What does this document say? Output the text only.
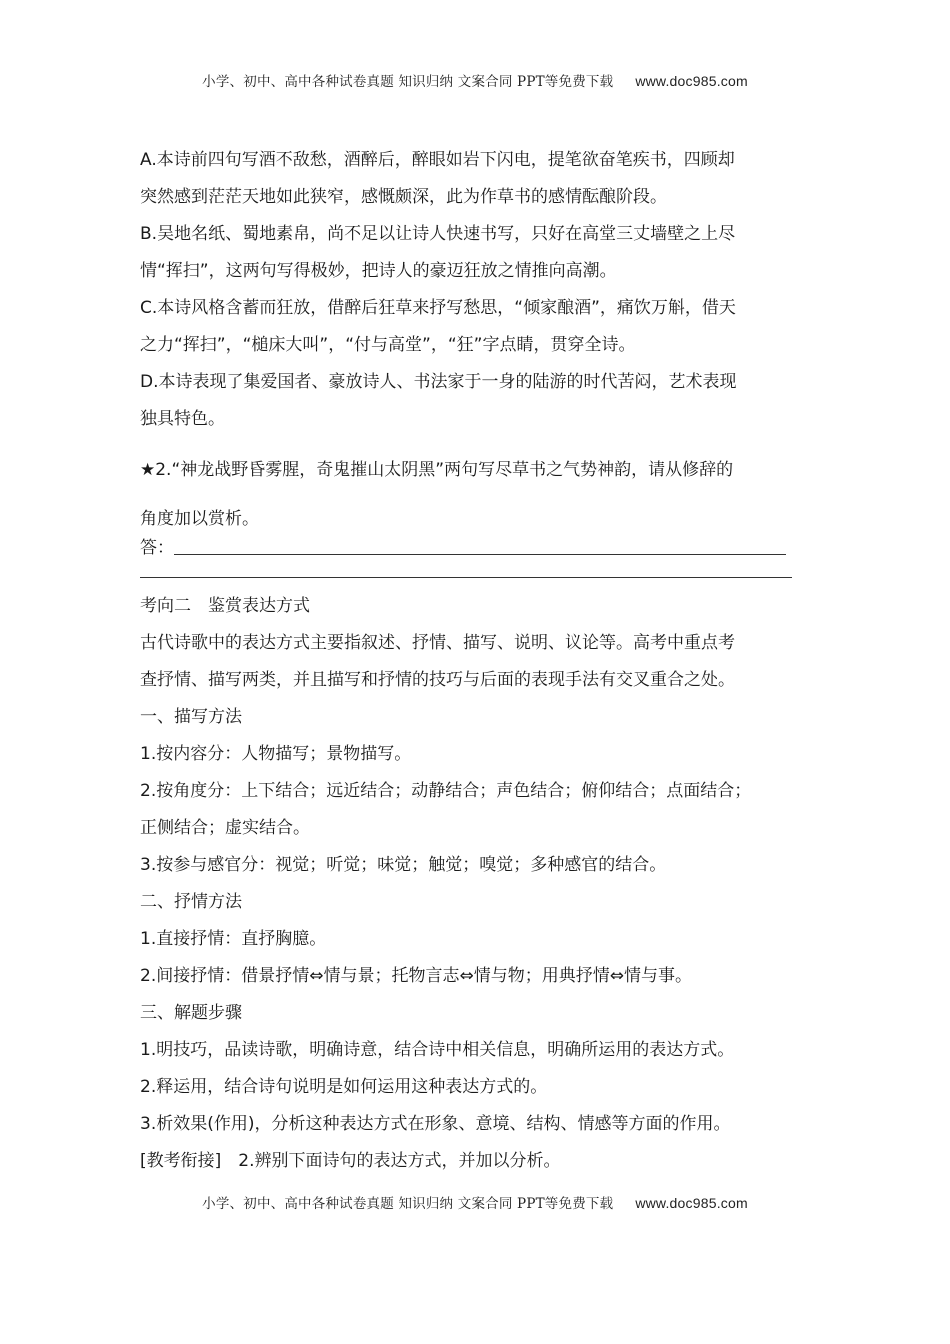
小学、初中、高中各种试卷真题 知识归纳 文案合同 PPT等免费下载 www.doc985.com
A.本诗前四句写酒不敌愁，酒醉后，醉眼如岩下闪电，提笔欲奋笔疾书，四顾却
突然感到茫茫天地如此狭窄，感慨颇深，此为作草书的感情酝酿阶段。
B.吴地名纸、蜀地素帛，尚不足以让诗人快速书写，只好在高堂三丈墙壁之上尽
情“挥扫”，这两句写得极妙，把诗人的豪迈狂放之情推向高潮。
C.本诗风格含蓄而狂放，借醉后狂草来抒写愁思，“倾家酿酒”，痛饮万斛，借天
之力“挥扫”，“槌床大叫”，“付与高堂”，“狂”字点睛，贯穿全诗。
D.本诗表现了集爱国者、豪放诗人、书法家于一身的陆游的时代苦闷，艺术表现
独具特色。
★2.“神龙战野昏雾腥，奇鬼摧山太阴黑”两句写尽草书之气势神韵，请从修辞的
角度加以赏析。
答：
考向二　鉴赏表达方式
古代诗歌中的表达方式主要指叙述、抒情、描写、说明、议论等。高考中重点考
查抒情、描写两类，并且描写和抒情的技巧与后面的表现手法有交叉重合之处。
一、描写方法
1.按内容分：人物描写；景物描写。
2.按角度分：上下结合；远近结合；动静结合；声色结合；俯仰结合；点面结合；
正侧结合；虚实结合。
3.按参与感官分：视觉；听觉；味觉；触觉；嗅觉；多种感官的结合。
二、抒情方法
1.直接抒情：直抒胸臆。
2.间接抒情：借景抒情⇔情与景；托物言志⇔情与物；用典抒情⇔情与事。
三、解题步骤
1.明技巧，品读诗歌，明确诗意，结合诗中相关信息，明确所运用的表达方式。
2.释运用，结合诗句说明是如何运用这种表达方式的。
3.析效果(作用)，分析这种表达方式在形象、意境、结构、情感等方面的作用。
[教考衔接]　2.辨别下面诗句的表达方式，并加以分析。
小学、初中、高中各种试卷真题 知识归纳 文案合同 PPT等免费下载 www.doc985.com
